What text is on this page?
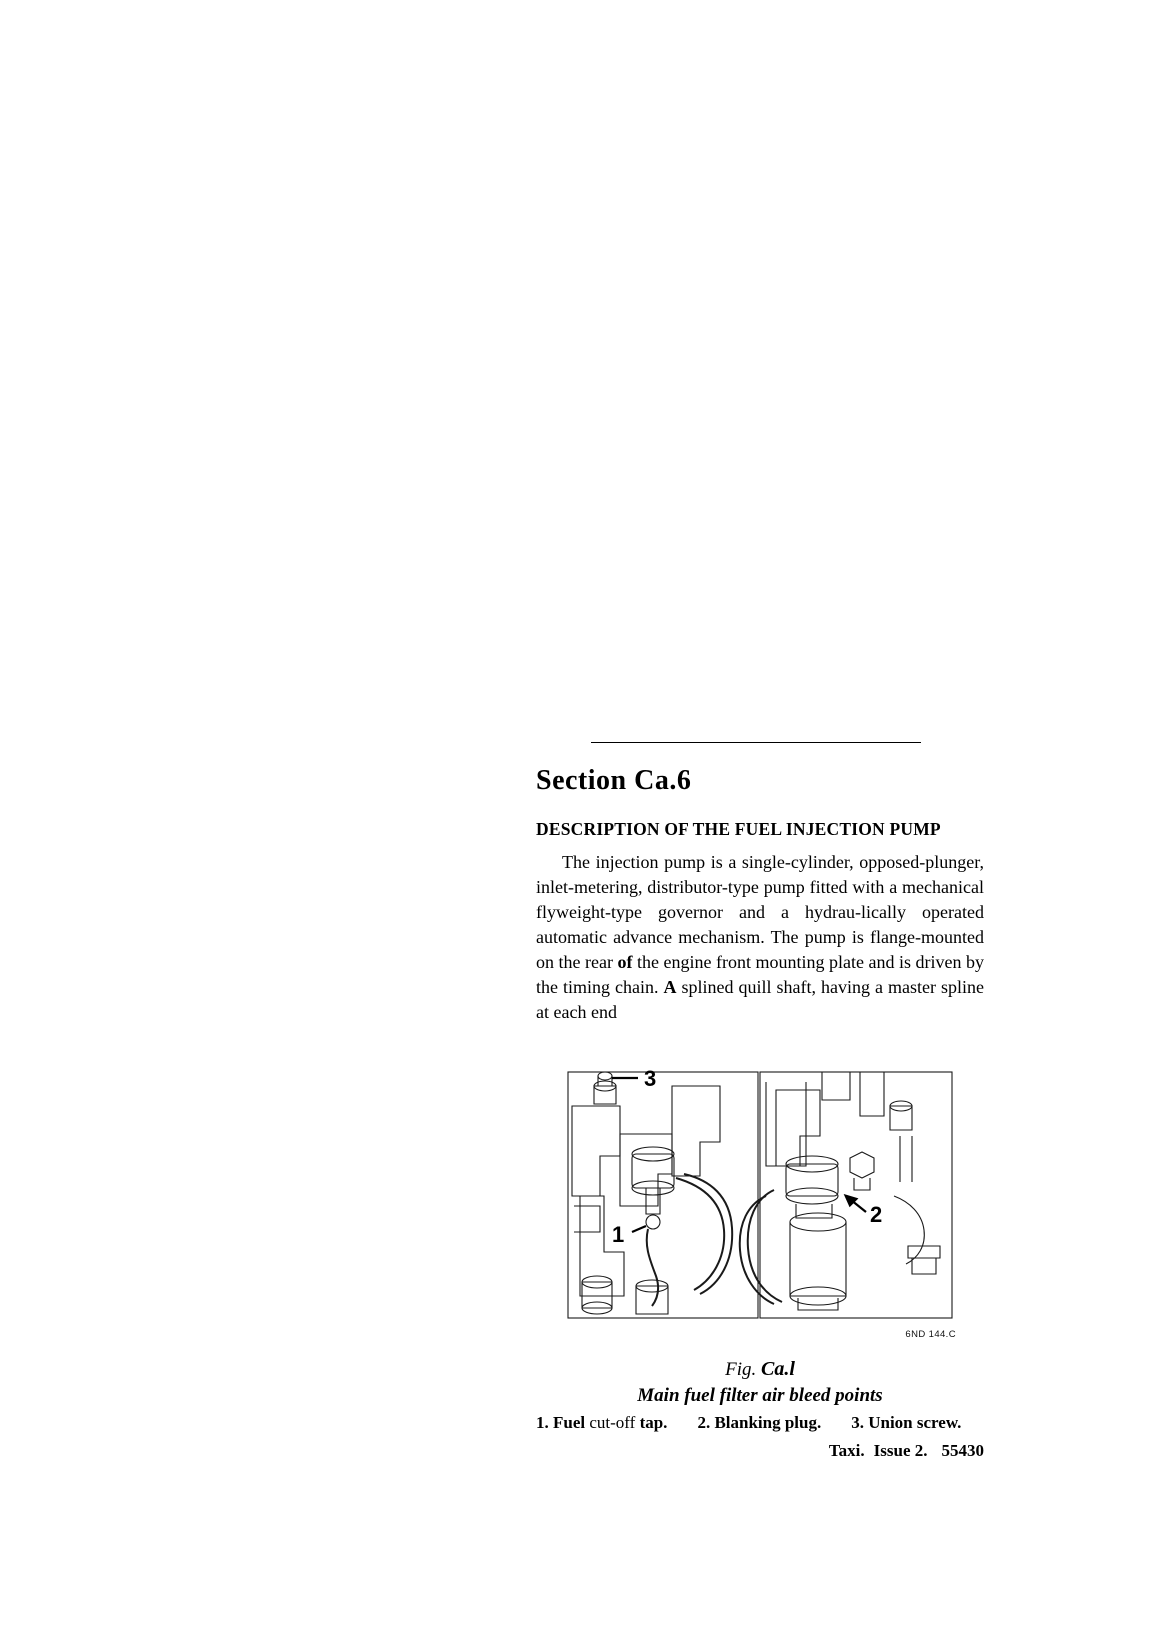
Section Ca.6
DESCRIPTION OF THE FUEL INJECTION PUMP

The injection pump is a single-cylinder, opposed-plunger, inlet-metering, distributor-type pump fitted with a mechanical flyweight-type governor and a hydrau-lically operated automatic advance mechanism. The pump is flange-mounted on the rear of the engine front mounting plate and is driven by the timing chain. A splined quill shaft, having a master spline at each end

3
1
2
6ND 144.C
Fig. Ca.l
Main fuel filter air bleed points
1. Fuel cut-off tap. 2. Blanking plug. 3. Union screw.
Taxi. Issue 2. 55430
